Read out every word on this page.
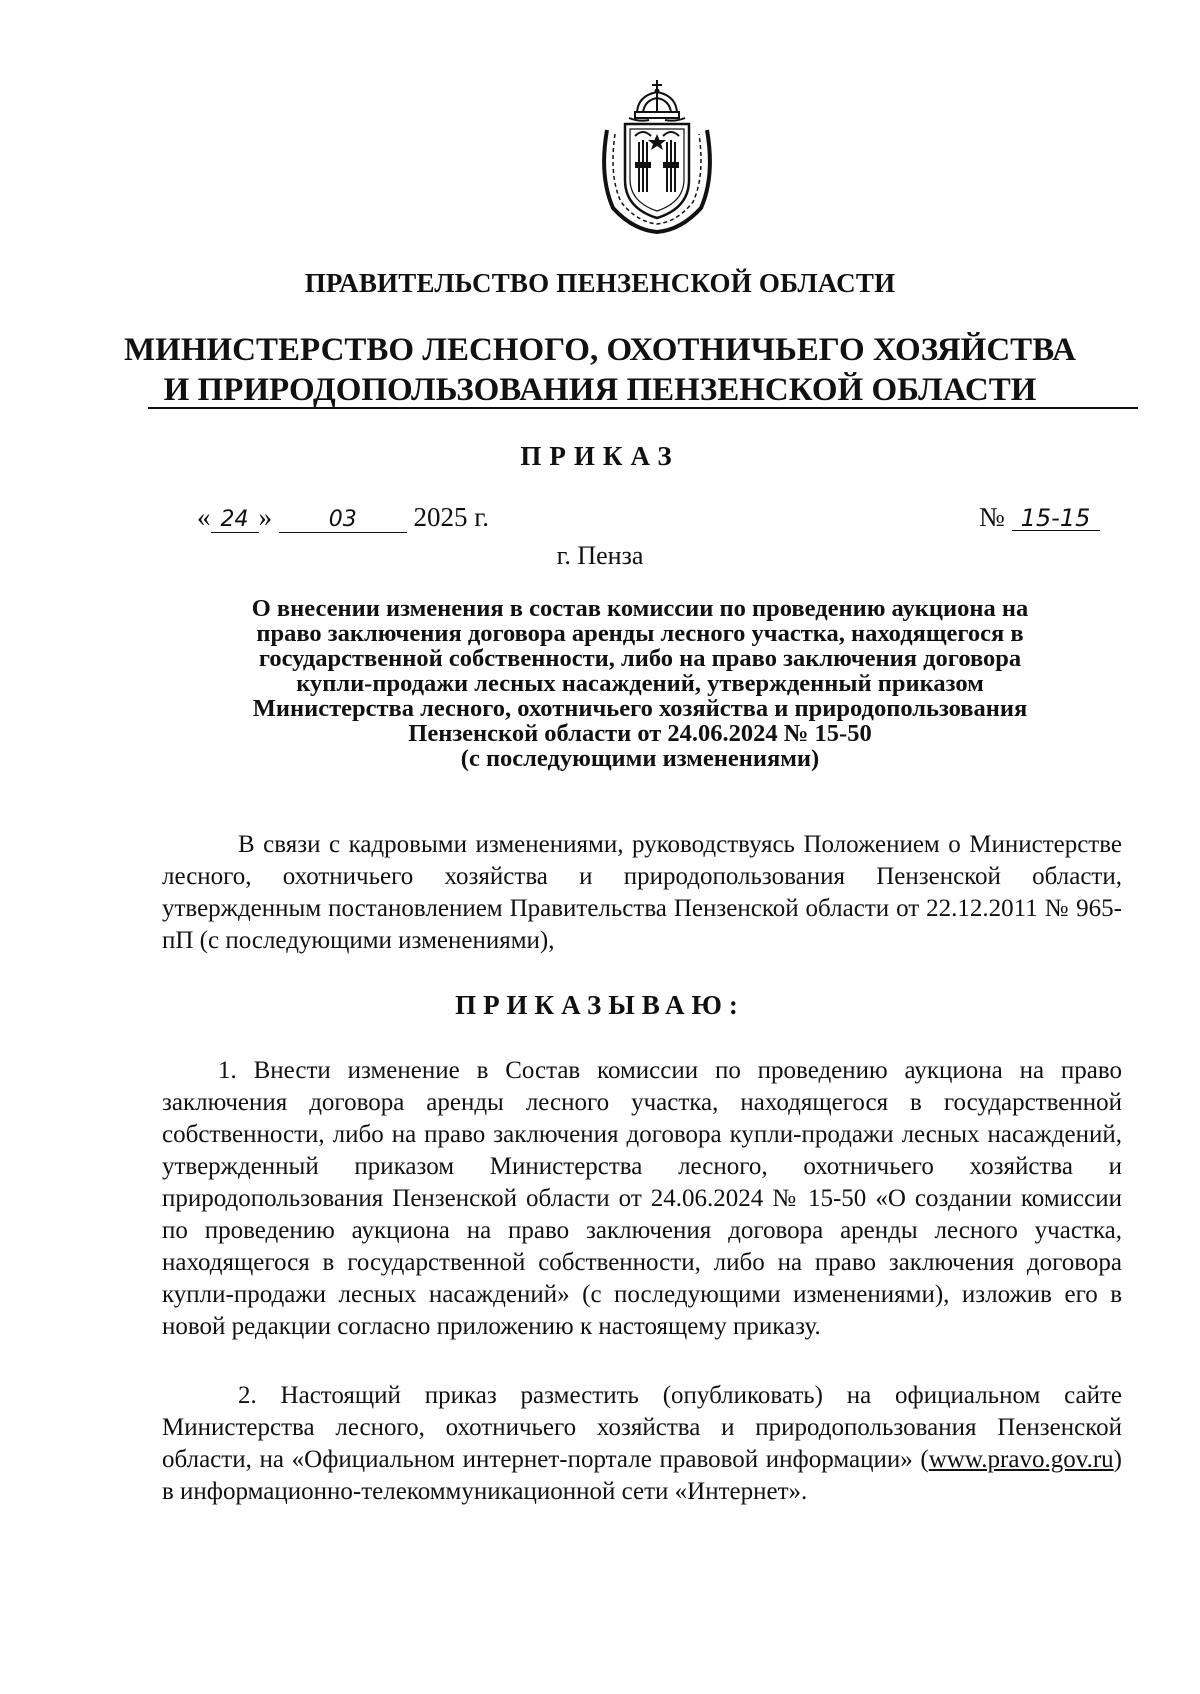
ПРАВИТЕЛЬСТВО ПЕНЗЕНСКОЙ ОБЛАСТИ
МИНИСТЕРСТВО ЛЕСНОГО, ОХОТНИЧЬЕГО ХОЗЯЙСТВА
И ПРИРОДОПОЛЬЗОВАНИЯ ПЕНЗЕНСКОЙ ОБЛАСТИ
ПРИКАЗ
« 24 »	03 2025 г.	№ 15-15
г. Пенза
О внесении изменения в состав комиссии по проведению аукциона на
право заключения договора аренды лесного участка, находящегося в
государственной собственности, либо на право заключения договора
купли-продажи лесных насаждений, утвержденный приказом
Министерства лесного, охотничьего хозяйства и природопользования
Пензенской области от 24.06.2024 № 15-50
(с последующими изменениями)
В связи с кадровыми изменениями, руководствуясь Положением о Министерстве лесного, охотничьего хозяйства и природопользования Пензенской области, утвержденным постановлением Правительства Пензенской области от 22.12.2011 № 965-пП (с последующими изменениями),
ПРИКАЗЫВАЮ:
1. Внести изменение в Состав комиссии по проведению аукциона на право заключения договора аренды лесного участка, находящегося в государственной собственности, либо на право заключения договора купли-продажи лесных насаждений, утвержденный приказом Министерства лесного, охотничьего хозяйства и природопользования Пензенской области от 24.06.2024 № 15-50 «О создании комиссии по проведению аукциона на право заключения договора аренды лесного участка, находящегося в государственной собственности, либо на право заключения договора купли-продажи лесных насаждений» (с последующими изменениями), изложив его в новой редакции согласно приложению к настоящему приказу.
2. Настоящий приказ разместить (опубликовать) на официальном сайте Министерства лесного, охотничьего хозяйства и природопользования Пензенской области, на «Официальном интернет-портале правовой информации» (www.pravo.gov.ru) в информационно-телекоммуникационной сети «Интернет».
